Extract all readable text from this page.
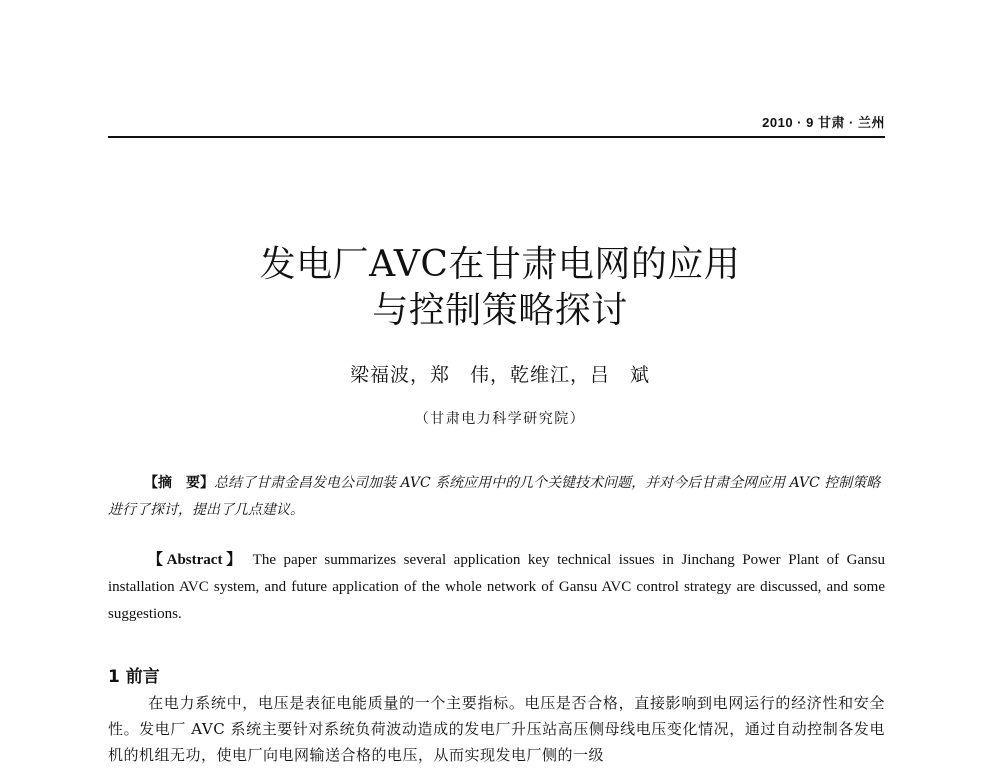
2010 · 9 甘肃 · 兰州
发电厂AVC在甘肃电网的应用
与控制策略探讨
梁福波，郑　伟，乾维江，吕　斌
（甘肃电力科学研究院）
【摘　要】总结了甘肃金昌发电公司加装 AVC 系统应用中的几个关键技术问题，并对今后甘肃全网应用 AVC 控制策略进行了探讨，提出了几点建议。
【Abstract】 The paper summarizes several application key technical issues in Jinchang Power Plant of Gansu installation AVC system, and future application of the whole network of Gansu AVC control strategy are discussed, and some suggestions.
1 前言
在电力系统中，电压是表征电能质量的一个主要指标。电压是否合格，直接影响到电网运行的经济性和安全性。发电厂 AVC 系统主要针对系统负荷波动造成的发电厂升压站高压侧母线电压变化情况，通过自动控制各发电机的机组无功，使电厂向电网输送合格的电压，从而实现发电厂侧的一级
